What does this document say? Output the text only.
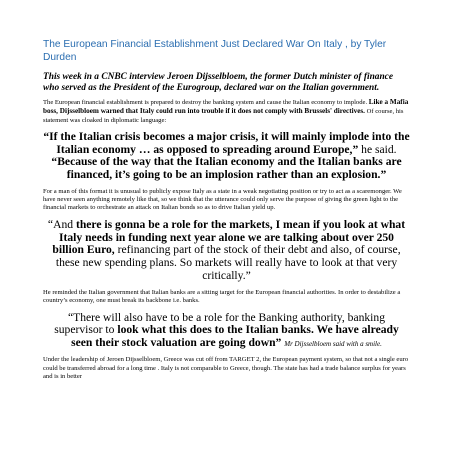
The European Financial Establishment Just Declared War On Italy , by Tyler Durden
This week in a CNBC interview Jeroen Dijsselbloem, the former Dutch minister of finance who served as the President of the Eurogroup, declared war on the Italian government.
The European financial establishment is prepared to destroy the banking system and cause the Italian economy to implode. Like a Mafia boss, Dijsselbloem warned that Italy could run into trouble if it does not comply with Brussels' directives. Of course, his statement was cloaked in diplomatic language:
“If the Italian crisis becomes a major crisis, it will mainly implode into the Italian economy … as opposed to spreading around Europe,” he said. “Because of the way that the Italian economy and the Italian banks are financed, it’s going to be an implosion rather than an explosion.”
For a man of this format it is unusual to publicly expose Italy as a state in a weak negotiating position or try to act as a scaremonger. We have never seen anything remotely like that, so we think that the utterance could only serve the purpose of giving the green light to the financial markets to orchestrate an attack on Italian bonds so as to drive Italian yield up.
“And there is gonna be a role for the markets, I mean if you look at what Italy needs in funding next year alone we are talking about over 250 billion Euro, refinancing part of the stock of their debt and also, of course, these new spending plans. So markets will really have to look at that very critically.”
He reminded the Italian government that Italian banks are a sitting target for the European financial authorities. In order to destabilize a country’s economy, one must break its backbone i.e. banks.
“There will also have to be a role for the Banking authority, banking supervisor to look what this does to the Italian banks. We have already seen their stock valuation are going down” Mr Dijsselbloem said with a smile.
Under the leadership of Jeroen Dijsselbloem, Greece was cut off from TARGET 2, the European payment system, so that not a single euro could be transferred abroad for a long time . Italy is not comparable to Greece, though. The state has had a trade balance surplus for years and is in better
